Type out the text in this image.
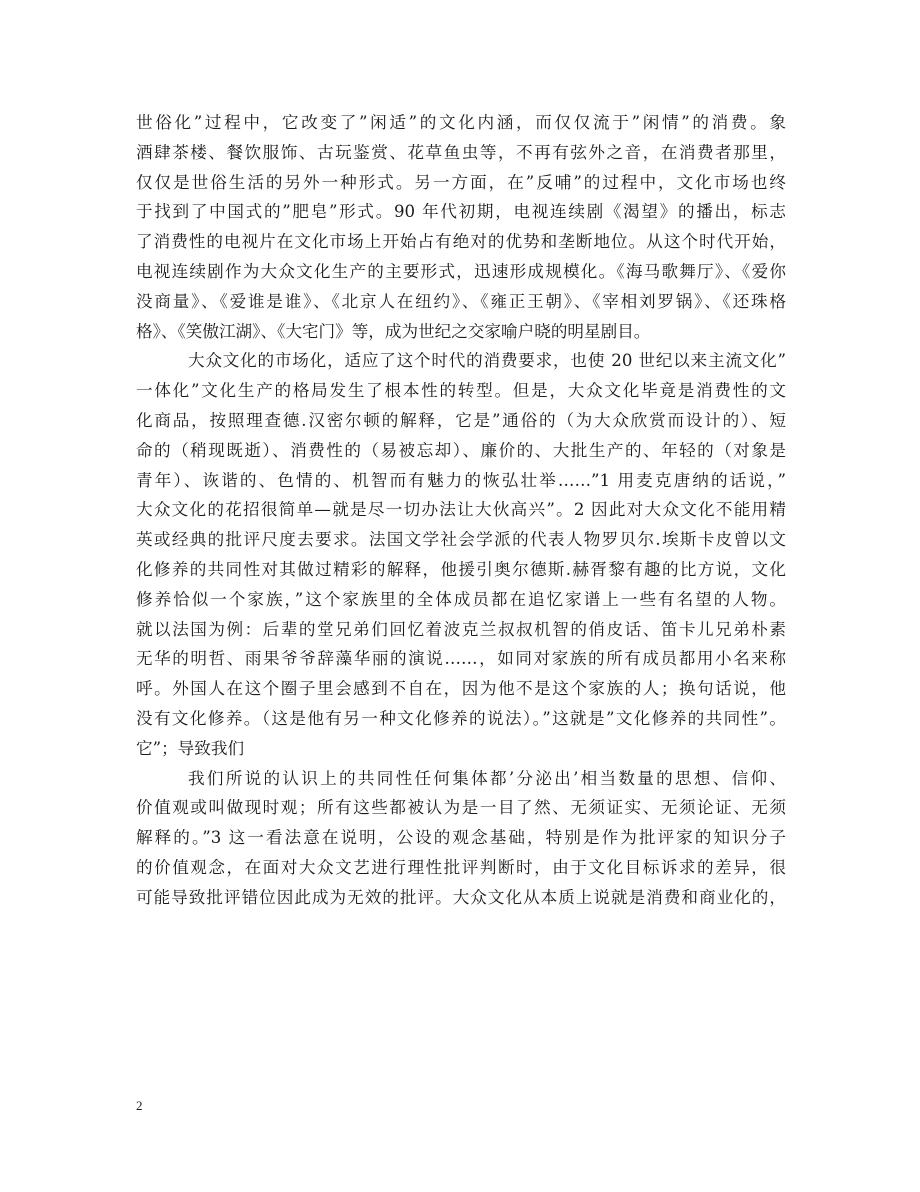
世俗化”过程中，它改变了”闲适”的文化内涵，而仅仅流于”闲情”的消费。象
酒肆茶楼、餐饮服饰、古玩鉴赏、花草鱼虫等，不再有弦外之音，在消费者那里，
仅仅是世俗生活的另外一种形式。另一方面，在”反哺”的过程中，文化市场也终
于找到了中国式的”肥皂”形式。90 年代初期，电视连续剧《渴望》的播出，标志
了消费性的电视片在文化市场上开始占有绝对的优势和垄断地位。从这个时代开始，
电视连续剧作为大众文化生产的主要形式，迅速形成规模化。《海马歌舞厅》、《爱你
没商量》、《爱谁是谁》、《北京人在纽约》、《雍正王朝》、《宰相刘罗锅》、《还珠格
格》、《笑傲江湖》、《大宅门》等，成为世纪之交家喻户晓的明星剧目。
大众文化的市场化，适应了这个时代的消费要求，也使 20 世纪以来主流文化”
一体化”文化生产的格局发生了根本性的转型。但是，大众文化毕竟是消费性的文
化商品，按照理查德.汉密尔顿的解释，它是”通俗的（为大众欣赏而设计的）、短
命的（稍现既逝）、消费性的（易被忘却）、廉价的、大批生产的、年轻的（对象是
青年）、诙谐的、色情的、机智而有魅力的恢弘壮举……”1 用麦克唐纳的话说，”
大众文化的花招很简单—就是尽一切办法让大伙高兴”。2 因此对大众文化不能用精
英或经典的批评尺度去要求。法国文学社会学派的代表人物罗贝尔.埃斯卡皮曾以文
化修养的共同性对其做过精彩的解释，他援引奥尔德斯.赫胥黎有趣的比方说，文化
修养恰似一个家族，”这个家族里的全体成员都在追忆家谱上一些有名望的人物。
就以法国为例：后辈的堂兄弟们回忆着波克兰叔叔机智的俏皮话、笛卡儿兄弟朴素
无华的明哲、雨果爷爷辞藻华丽的演说……，如同对家族的所有成员都用小名来称
呼。外国人在这个圈子里会感到不自在，因为他不是这个家族的人；换句话说，他
没有文化修养。（这是他有另一种文化修养的说法）。”这就是”文化修养的共同性”。
它”；导致我们
我们所说的认识上的共同性任何集体都’分泌出’相当数量的思想、信仰、
价值观或叫做现时观；所有这些都被认为是一目了然、无须证实、无须论证、无须
解释的。”3 这一看法意在说明，公设的观念基础，特别是作为批评家的知识分子
的价值观念，在面对大众文艺进行理性批评判断时，由于文化目标诉求的差异，很
可能导致批评错位因此成为无效的批评。大众文化从本质上说就是消费和商业化的，
2
